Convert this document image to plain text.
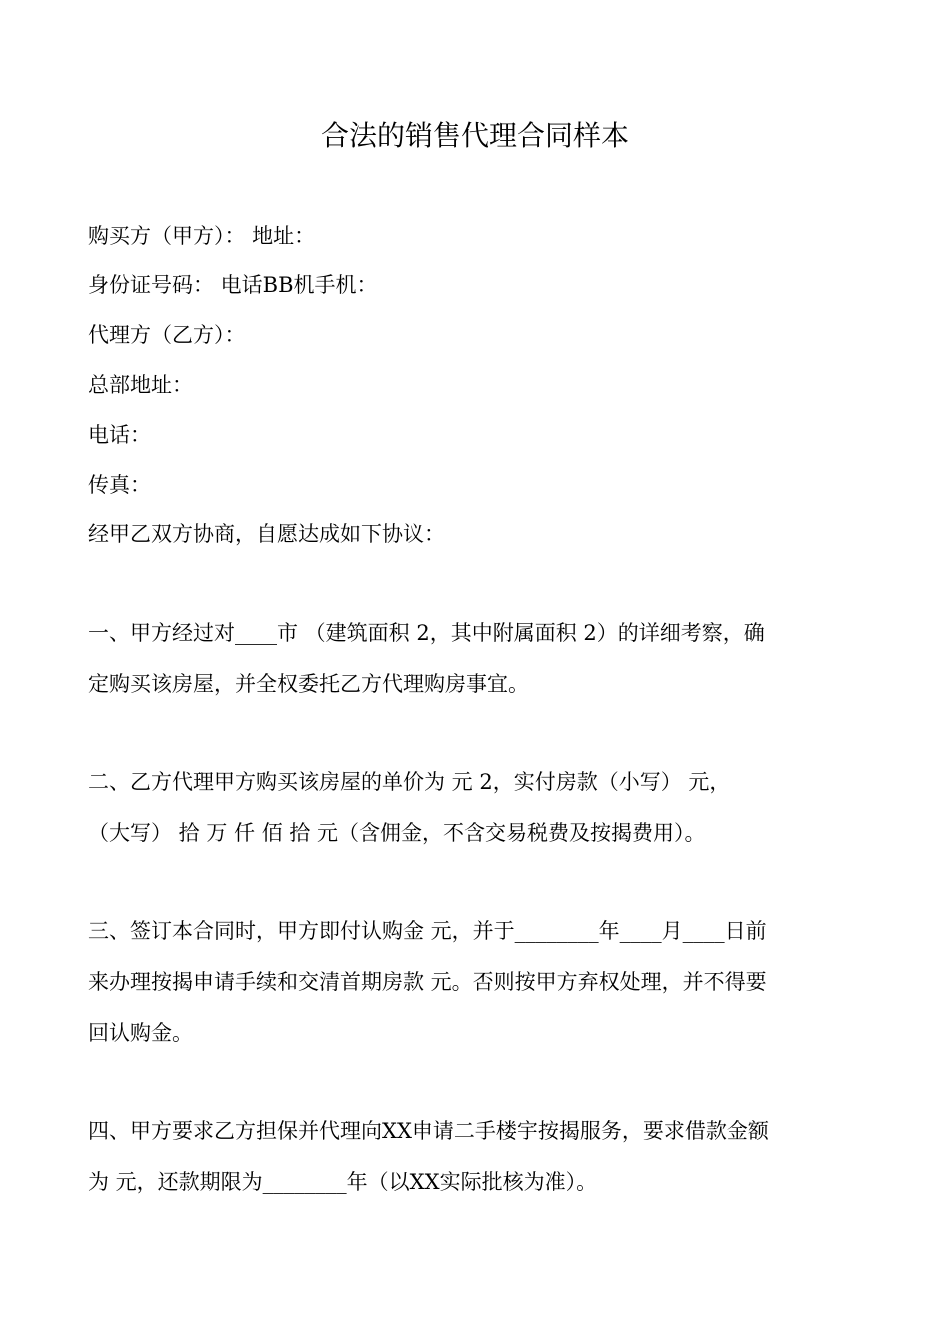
合法的销售代理合同样本

购买方（甲方）： 地址：

身份证号码： 电话BB机手机：

代理方（乙方）：

总部地址：

电话：

传真：

经甲乙双方协商，自愿达成如下协议：

一、甲方经过对____市 （建筑面积 2，其中附属面积 2）的详细考察，确
定购买该房屋，并全权委托乙方代理购房事宜。
二、乙方代理甲方购买该房屋的单价为 元 2，实付房款（小写） 元，
（大写） 拾 万 仟 佰 拾 元（含佣金，不含交易税费及按揭费用）。
三、签订本合同时，甲方即付认购金 元，并于________年____月____日前
来办理按揭申请手续和交清首期房款 元。否则按甲方弃权处理，并不得要
回认购金。
四、甲方要求乙方担保并代理向XX申请二手楼宇按揭服务，要求借款金额
为 元，还款期限为________年（以XX实际批核为准）。
